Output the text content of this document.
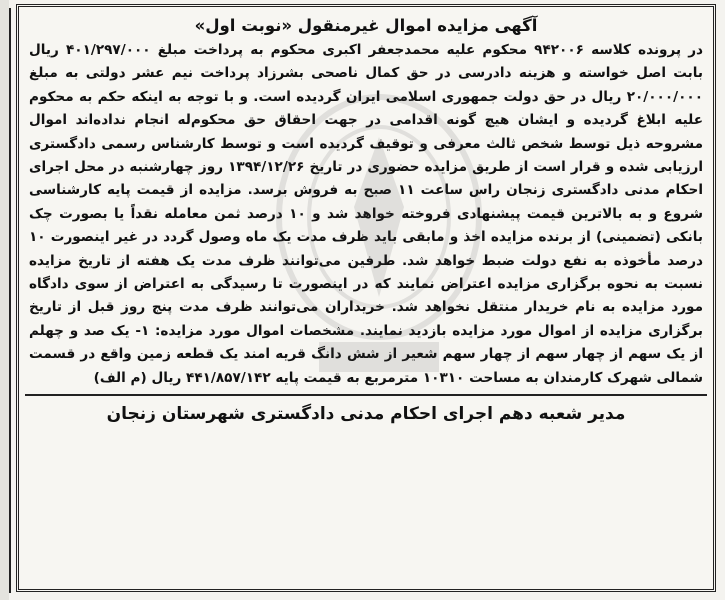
آگهی مزایده اموال غیرمنقول «نوبت اول»

در پرونده کلاسه ۹۴۲۰۰۶ محکوم علیه محمدجعفر اکبری محکوم به پرداخت مبلغ ۴۰۱/۲۹۷/۰۰۰ ریال بابت اصل خواسته و هزینه دادرسی در حق کمال ناصحی بشرزاد پرداخت نیم عشر دولتی به مبلغ ۲۰/۰۰۰/۰۰۰ ریال در حق دولت جمهوری اسلامی ایران گردیده است. و با توجه به اینکه حکم به محکوم علیه ابلاغ گردیده و ایشان هیچ گونه اقدامی در جهت احقاق حق محکوم‌له انجام نداده‌اند اموال مشروحه ذیل توسط شخص ثالث معرفی و توقیف گردیده است و توسط کارشناس رسمی دادگستری ارزیابی شده و قرار است از طریق مزایده حضوری در تاریخ ۱۳۹۴/۱۲/۲۶ روز چهارشنبه در محل اجرای احکام مدنی دادگستری زنجان راس ساعت ۱۱ صبح به فروش برسد. مزایده از قیمت پایه کارشناسی شروع و به بالاترین قیمت پیشنهادی فروخته خواهد شد و ۱۰ درصد ثمن معامله نقداً یا بصورت چک بانکی (تضمینی) از برنده مزایده اخذ و مابقی باید ظرف مدت یک ماه وصول گردد در غیر اینصورت ۱۰ درصد مأخوذه به نفع دولت ضبط خواهد شد. طرفین می‌توانند ظرف مدت یک هفته از تاریخ مزایده نسبت به نحوه برگزاری مزایده اعتراض نمایند که در اینصورت تا رسیدگی به اعتراض از سوی دادگاه مورد مزایده به نام خریدار منتقل نخواهد شد. خریداران می‌توانند ظرف مدت پنج روز قبل از تاریخ برگزاری مزایده از اموال مورد مزایده بازدید نمایند. مشخصات اموال مورد مزایده: ۱- یک صد و چهلم از یک سهم از چهار سهم از چهار سهم شعیر از شش دانگ قریه امند یک قطعه زمین واقع در قسمت شمالی شهرک کارمندان به مساحت ۱۰۳۱۰ مترمربع به قیمت پایه ۴۴۱/۸۵۷/۱۴۲ ریال (م الف)

مدیر شعبه دهم اجرای احکام مدنی دادگستری شهرستان زنجان
